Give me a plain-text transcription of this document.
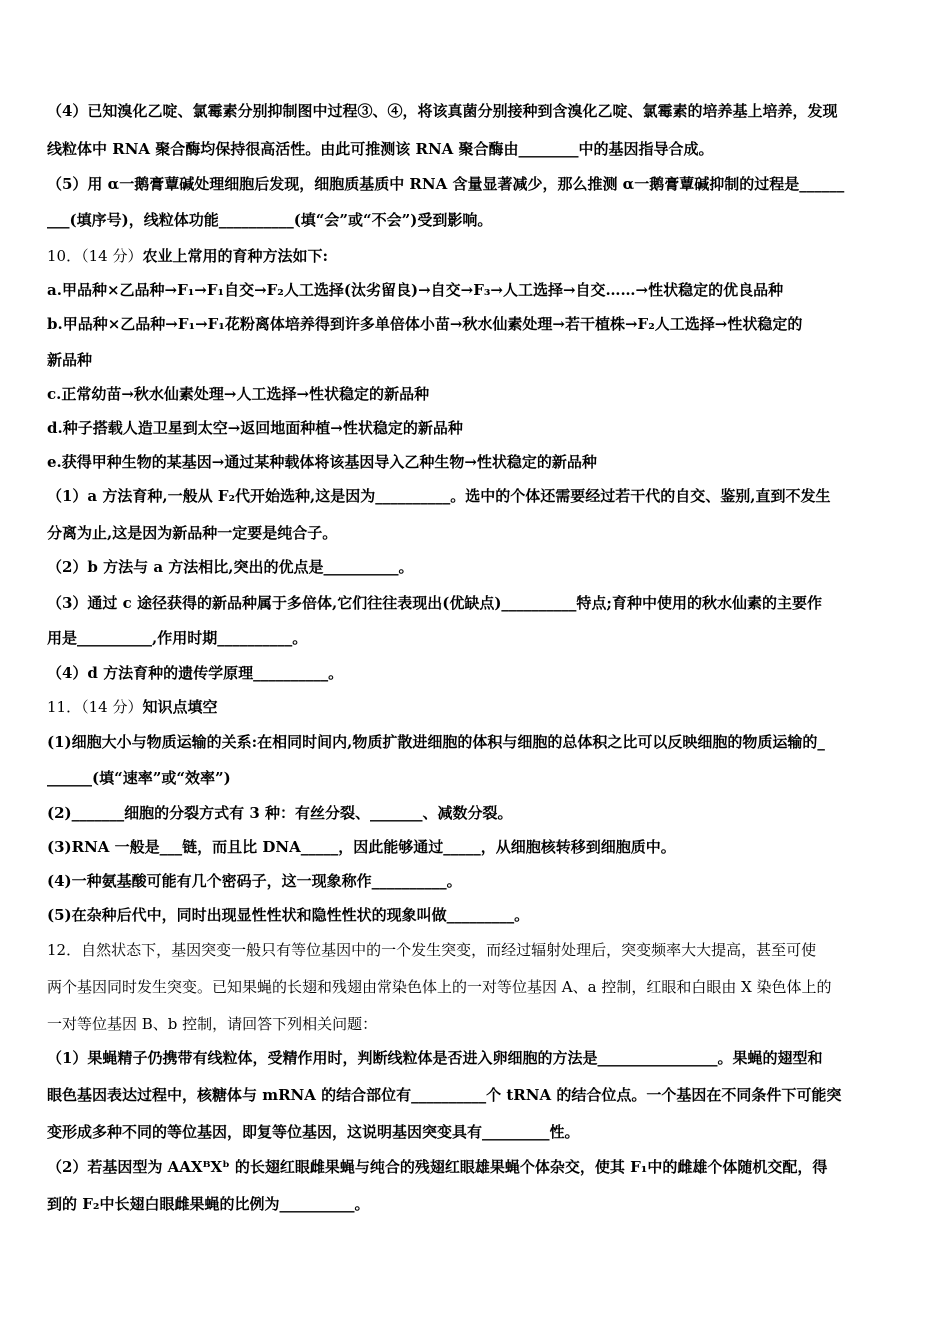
（4）已知溴化乙啶、氯霉素分别抑制图中过程③、④，将该真菌分别接种到含溴化乙啶、氯霉素的培养基上培养，发现
线粒体中 RNA 聚合酶均保持很高活性。由此可推测该 RNA 聚合酶由________中的基因指导合成。
（5）用 α一鹅膏蕈碱处理细胞后发现，细胞质基质中 RNA 含量显著减少，那么推测 α一鹅膏蕈碱抑制的过程是______
___(填序号)，线粒体功能__________(填“会”或“不会”)受到影响。
10．（14 分）农业上常用的育种方法如下:
a.甲品种×乙品种→F₁→F₁自交→F₂人工选择(汰劣留良)→自交→F₃→人工选择→自交……→性状稳定的优良品种
b.甲品种×乙品种→F₁→F₁花粉离体培养得到许多单倍体小苗→秋水仙素处理→若干植株→F₂人工选择→性状稳定的
新品种
c.正常幼苗→秋水仙素处理→人工选择→性状稳定的新品种
d.种子搭载人造卫星到太空→返回地面种植→性状稳定的新品种
e.获得甲种生物的某基因→通过某种载体将该基因导入乙种生物→性状稳定的新品种
（1）a 方法育种,一般从 F₂代开始选种,这是因为__________。选中的个体还需要经过若干代的自交、鉴别,直到不发生
分离为止,这是因为新品种一定要是纯合子。
（2）b 方法与 a 方法相比,突出的优点是__________。
（3）通过 c 途径获得的新品种属于多倍体,它们往往表现出(优缺点)__________特点;育种中使用的秋水仙素的主要作
用是__________,作用时期__________。
（4）d 方法育种的遗传学原理__________。
11．（14 分）知识点填空
(1)细胞大小与物质运输的关系:在相同时间内,物质扩散进细胞的体积与细胞的总体积之比可以反映细胞的物质运输的_
______(填“速率”或“效率”)
(2)_______细胞的分裂方式有 3 种：有丝分裂、_______、减数分裂。
(3)RNA 一般是___链，而且比 DNA_____，因此能够通过_____，从细胞核转移到细胞质中。
(4)一种氨基酸可能有几个密码子，这一现象称作__________。
(5)在杂种后代中，同时出现显性性状和隐性性状的现象叫做_________。
12．自然状态下，基因突变一般只有等位基因中的一个发生突变，而经过辐射处理后，突变频率大大提高，甚至可使
两个基因同时发生突变。已知果蝇的长翅和残翅由常染色体上的一对等位基因 A、a 控制，红眼和白眼由 X 染色体上的
一对等位基因 B、b 控制，请回答下列相关问题：
（1）果蝇精子仍携带有线粒体，受精作用时，判断线粒体是否进入卵细胞的方法是________________。果蝇的翅型和
眼色基因表达过程中，核糖体与 mRNA 的结合部位有__________个 tRNA 的结合位点。一个基因在不同条件下可能突
变形成多种不同的等位基因，即复等位基因，这说明基因突变具有_________性。
（2）若基因型为 AAXᴮXᵇ 的长翅红眼雌果蝇与纯合的残翅红眼雄果蝇个体杂交，使其 F₁中的雌雄个体随机交配，得
到的 F₂中长翅白眼雌果蝇的比例为__________。
